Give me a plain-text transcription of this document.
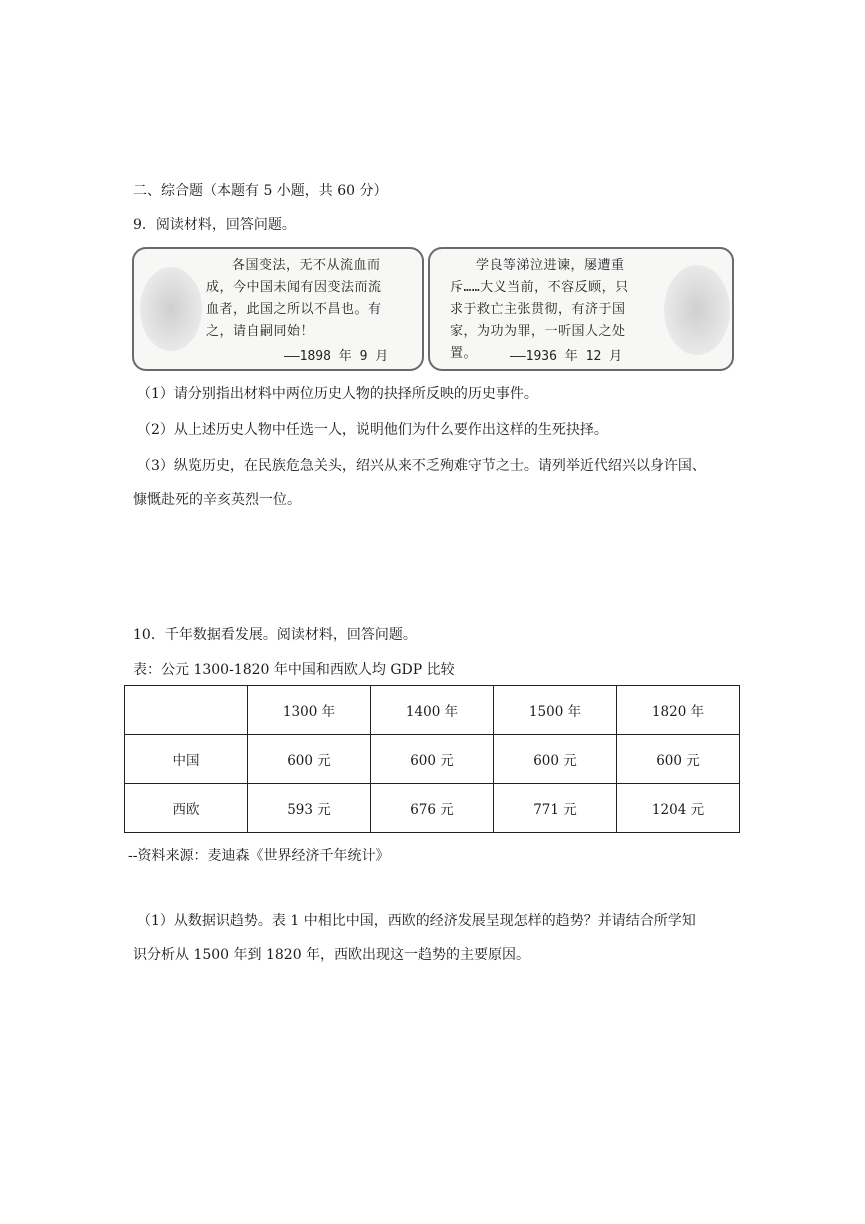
二、综合题（本题有 5 小题，共 60 分）
9．阅读材料，回答问题。
各国变法，无不从流血而
成，今中国未闻有因变法而流
血者，此国之所以不昌也。有
之，请自嗣同始！
——1898 年 9 月
学良等涕泣进谏，屡遭重
斥……大义当前，不容反顾，只
求于救亡主张贯彻，有济于国
家，为功为罪，一听国人之处置。	——1936 年 12 月
（1）请分别指出材料中两位历史人物的抉择所反映的历史事件。
（2）从上述历史人物中任选一人，说明他们为什么要作出这样的生死抉择。
（3）纵览历史，在民族危急关头，绍兴从来不乏殉难守节之士。请列举近代绍兴以身许国、
慷慨赴死的辛亥英烈一位。
10．千年数据看发展。阅读材料，回答问题。
表：公元 1300-1820 年中国和西欧人均 GDP 比较
	1300 年	1400 年	1500 年	1820 年
中国	600 元	600 元	600 元	600 元
西欧	593 元	676 元	771 元	1204 元
--资料来源：麦迪森《世界经济千年统计》
（1）从数据识趋势。表 1 中相比中国，西欧的经济发展呈现怎样的趋势？并请结合所学知
识分析从 1500 年到 1820 年，西欧出现这一趋势的主要原因。
